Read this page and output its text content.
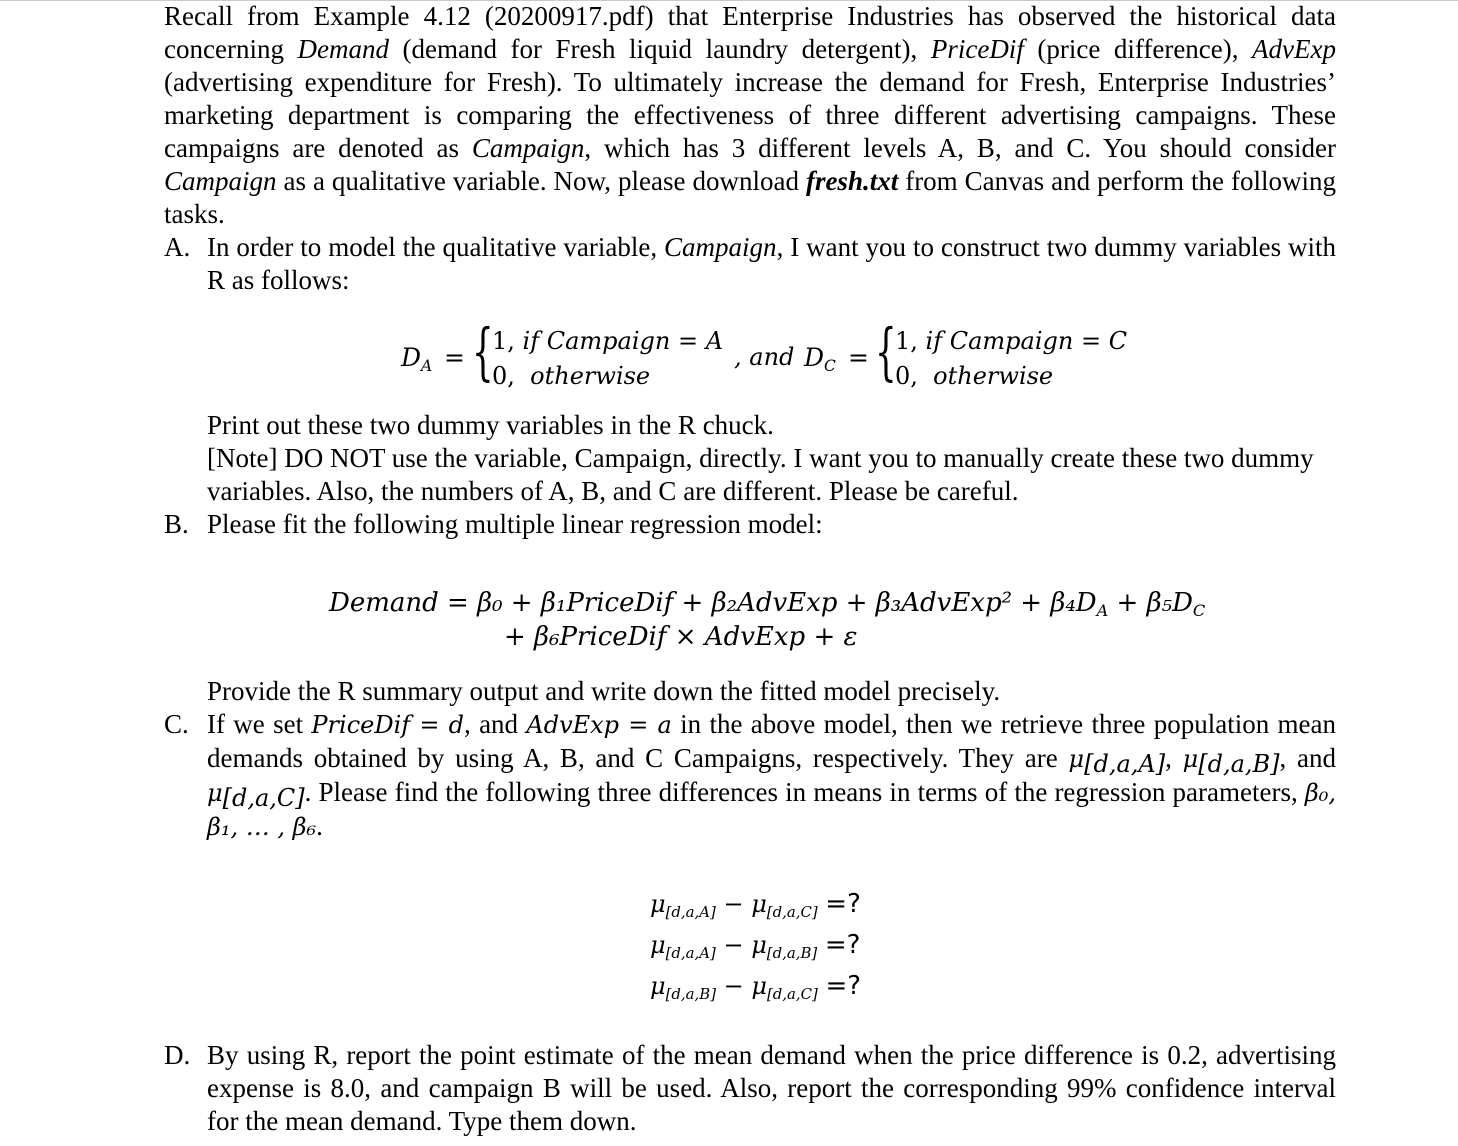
Recall from Example 4.12 (20200917.pdf) that Enterprise Industries has observed the historical data concerning Demand (demand for Fresh liquid laundry detergent), PriceDif (price difference), AdvExp (advertising expenditure for Fresh). To ultimately increase the demand for Fresh, Enterprise Industries’ marketing department is comparing the effectiveness of three different advertising campaigns. These campaigns are denoted as Campaign, which has 3 different levels A, B, and C. You should consider Campaign as a qualitative variable. Now, please download fresh.txt from Canvas and perform the following tasks.

A. In order to model the qualitative variable, Campaign, I want you to construct two dummy variables with R as follows:

$D_A$ = {
1, if Campaign = A
0, otherwise
, and $D_C$ = {
1, if Campaign = C
0, otherwise

Print out these two dummy variables in the R chuck.

[Note] DO NOT use the variable, Campaign, directly. I want you to manually create these two dummy variables. Also, the numbers of A, B, and C are different. Please be careful.

B. Please fit the following multiple linear regression model:
Demand = β₀ + β₁PriceDif + β₂AdvExp + β₃AdvExp² + $\beta_4D_A + \beta_5D_C$
+ β₆PriceDif × AdvExp + ε

Provide the R summary output and write down the fitted model precisely.

C. If we set PriceDif = d, and AdvExp = a in the above model, then we retrieve three population mean demands obtained by using A, B, and C Campaigns, respectively. They are $\mu_{[d,a,A]}$, $\mu_{[d,a,B]}$, and $\mu_{[d,a,C]}$. Please find the following three differences in means in terms of the regression parameters, β₀, β₁, … , β₆.

$\mu_{[d,a,A]} - \mu_{[d,a,C]}$ =?
$\mu_{[d,a,A]} - \mu_{[d,a,B]}$ =?
$\mu_{[d,a,B]} - \mu_{[d,a,C]}$ =?
D. By using R, report the point estimate of the mean demand when the price difference is 0.2, advertising expense is 8.0, and campaign B will be used. Also, report the corresponding 99% confidence interval for the mean demand. Type them down.
